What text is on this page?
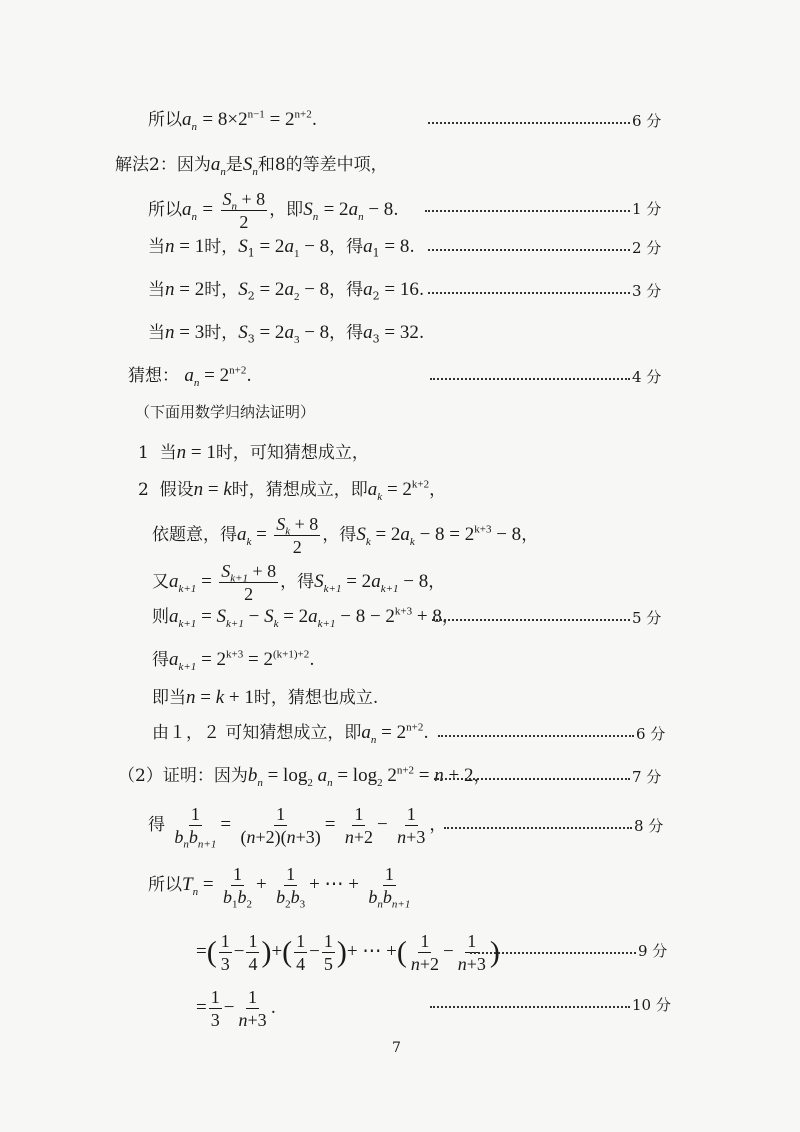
所以$a_n = 8\times 2^{n-1} = 2^{n+2}$.	6 分
解法2：因为$a_n$是$S_n$和8的等差中项，
所以$a_n = \frac{S_n + 8}{2}$ ，即$S_n = 2a_n - 8$.	1 分
当n = 1时，$S_1 = 2a_1 - 8$，得$a_1 = 8$.	2 分
当n = 2时，$S_2 = 2a_2 - 8$，得$a_2 = 16$.	3 分
当n = 3时，$S_3 = 2a_3 - 8$，得$a_3 = 32$.
猜想： $a_n = 2^{n+2}$.	4 分
（下面用数学归纳法证明）
1 当n = 1时，可知猜想成立，
2 假设n = k时，猜想成立，即$a_k = 2^{k+2}$，
依题意，得$a_k = \frac{S_k + 8}{2}$ ，得$S_k = 2a_k - 8 = 2^{k+3} - 8$，
又$a_{k+1} = \frac{S_{k+1} + 8}{2}$ ，得$S_{k+1} = 2a_{k+1} - 8$，
则$a_{k+1} = S_{k+1} - S_k = 2a_{k+1} - 8 - 2^{k+3} + 8$，	5 分
得$a_{k+1} = 2^{k+3} = 2^{(k+1)+2}$.
即当n = k + 1时，猜想也成立.
由１，２ 可知猜想成立，即$a_n = 2^{n+2}$.	6 分
（2）证明：因为$b_n = \log_2 a_n = \log_2 2^{n+2} = n + 2$，	7 分
得 $\frac{1}{b_nb_{n+1}} = \frac{1}{(n+2)(n+3)} = \frac{1}{n+2} - \frac{1}{n+3}$ ，	8 分
所以$T_n = \frac{1}{b_1b_2} + \frac{1}{b_2b_3}$ + ⋯ + $\frac{1}{b_nb_{n+1}}$
=( $\frac{1}{3} - \frac{1}{4}$ )+( $\frac{1}{4} - \frac{1}{5}$ )+ ⋯ +( $\frac{1}{n+2} - \frac{1}{n+3}$ )	9 分
= $\frac{1}{3} - \frac{1}{n+3}$ .	10 分
7
